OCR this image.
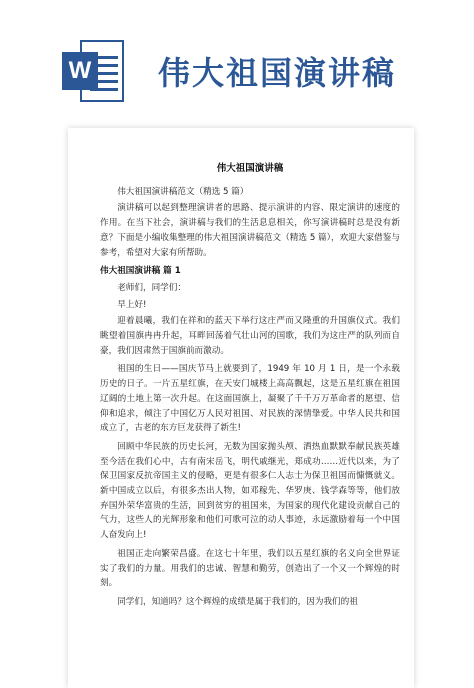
W 伟大祖国演讲稿
伟大祖国演讲稿

伟大祖国演讲稿范文（精选 5 篇）

演讲稿可以起到整理演讲者的思路、提示演讲的内容、限定演讲的速度的作用。在当下社会，演讲稿与我们的生活息息相关，你写演讲稿时总是没有新意？下面是小编收集整理的伟大祖国演讲稿范文（精选 5 篇），欢迎大家借鉴与参考，希望对大家有所帮助。

伟大祖国演讲稿 篇 1

老师们，同学们：

早上好!

迎着晨曦，我们在祥和的蓝天下举行这庄严而又隆重的升国旗仪式。我们眺望着国旗冉冉升起，耳畔回荡着气壮山河的国歌，我们为这庄严的队列而自豪，我们因肃然于国旗前而激动。

祖国的生日——国庆节马上就要到了，1949 年 10 月 1 日，是一个永载历史的日子。一片五星红旗，在天安门城楼上高高飘起，这是五星红旗在祖国辽阔的土地上第一次升起。在这面国旗上，凝聚了千千万万革命者的愿望、信仰和追求，倾注了中国亿万人民对祖国、对民族的深情挚爱。中华人民共和国成立了，古老的东方巨龙获得了新生!

回顾中华民族的历史长河，无数为国家抛头颅、洒热血默默奉献民族英雄至今活在我们心中，古有南宋岳飞，明代戚继光，郑成功……近代以来，为了保卫国家反抗帝国主义的侵略，更是有很多仁人志士为保卫祖国而慷慨就义。新中国成立以后，有很多杰出人物，如邓稼先、华罗庚、钱学森等等，他们放弃国外荣华富贵的生活，回到贫穷的祖国来，为国家的现代化建设贡献自己的气力，这些人的光辉形象和他们可歌可泣的动人事迹，永远激励着每一个中国人奋发向上!

祖国正走向繁荣昌盛。在这七十年里，我们以五星红旗的名义向全世界证实了我们的力量。用我们的忠诚、智慧和勤劳，创造出了一个又一个辉煌的时刻。

同学们，知道吗？这个辉煌的成绩是属于我们的，因为我们的祖
